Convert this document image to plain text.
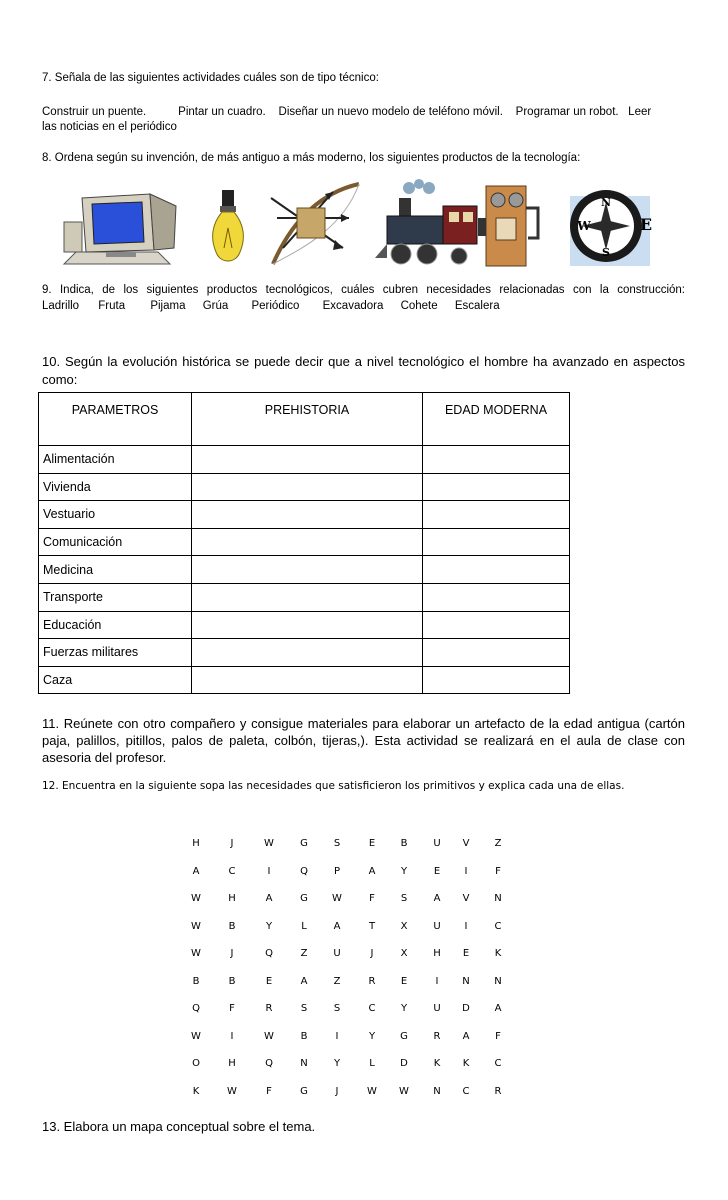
7. Señala de las siguientes actividades cuáles son de tipo técnico:

Construir un puente.          Pintar un cuadro.    Diseñar un nuevo modelo de teléfono móvil.    Programar un robot.   Leer

las noticias en el periódico

8. Ordena según su invención, de más antiguo a más moderno, los siguientes productos de la tecnología:

N
E
S
W

9. Indica, de los siguientes productos tecnológicos, cuáles cubren necesidades relacionadas con la construcción:

Ladrillo Fruta Pijama Grúa Periódico Excavadora Cohete Escalera

10. Según la evolución histórica se puede decir que a nivel tecnológico el hombre ha avanzado en aspectos

como:

PARAMETROS	PREHISTORIA	EDAD MODERNA
Alimentación		
Vivienda		
Vestuario		
Comunicación		
Medicina		
Transporte		
Educación		
Fuerzas militares		
Caza		

11. Reúnete con otro compañero y consigue materiales para elaborar un artefacto de la edad antigua (cartón

paja, palillos, pitillos, palos de paleta, colbón, tijeras,). Esta actividad se realizará en el aula de clase con

asesoria del profesor.

12. Encuentra en la siguiente sopa las necesidades que satisficieron los primitivos y explica cada una de ellas.

H	J	W	G	S	E	B	U	V	Z
A	C	I	Q	P	A	Y	E	I	F
W	H	A	G	W	F	S	A	V	N
W	B	Y	L	A	T	X	U	I	C
W	J	Q	Z	U	J	X	H	E	K
B	B	E	A	Z	R	E	I	N	N
Q	F	R	S	S	C	Y	U	D	A
W	I	W	B	I	Y	G	R	A	F
O	H	Q	N	Y	L	D	K	K	C
K	W	F	G	J	W	W	N	C	R

13. Elabora un mapa conceptual sobre el tema.
